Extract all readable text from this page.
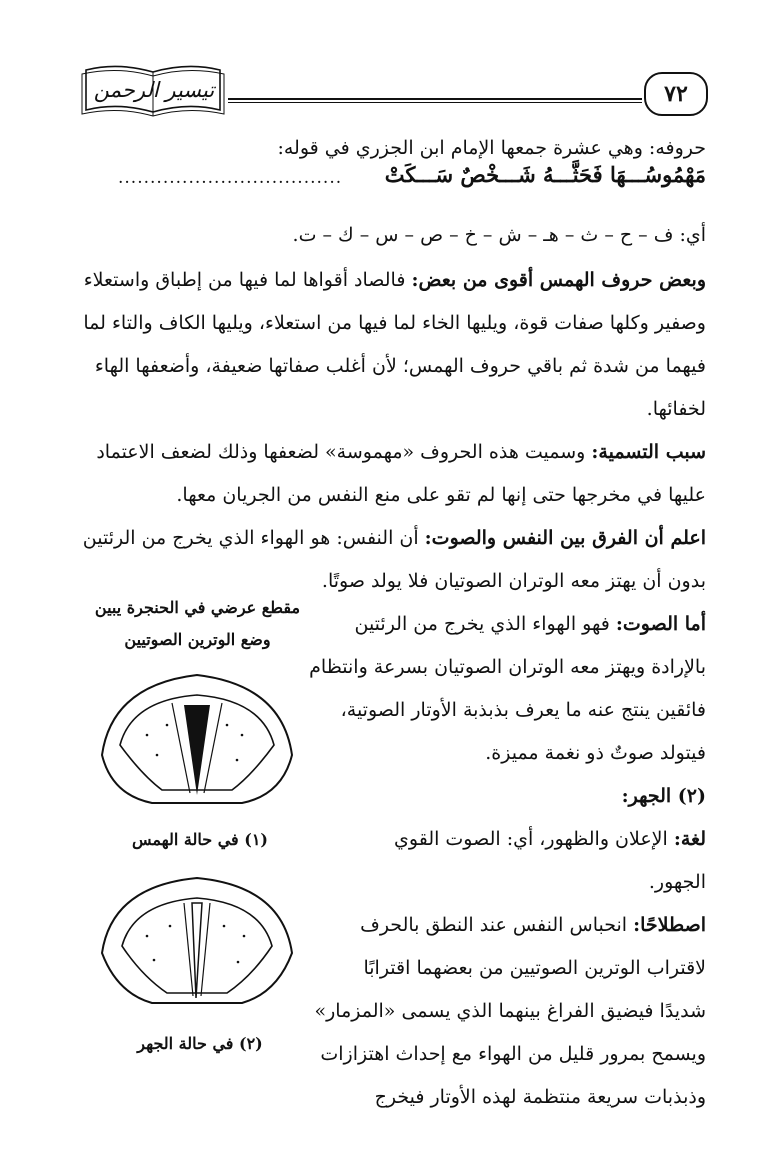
تيسير الرحمن	٧٢
حروفه: وهي عشرة جمعها الإمام ابن الجزري في قوله:
مَهْمُوسُـــهَا فَحَثَّـــهُ شَـــخْصٌ سَـــكَتْ
...................................
أي: ف – ح – ث – هـ – ش – خ – ص – س – ك – ت.
وبعض حروف الهمس أقوى من بعض: فالصاد أقواها لما فيها من إطباق واستعلاء
وصفير وكلها صفات قوة، ويليها الخاء لما فيها من استعلاء، ويليها الكاف والتاء لما
فيهما من شدة ثم باقي حروف الهمس؛ لأن أغلب صفاتها ضعيفة، وأضعفها الهاء
لخفائها.
سبب التسمية: وسميت هذه الحروف «مهموسة» لضعفها وذلك لضعف الاعتماد
عليها في مخرجها حتى إنها لم تقو على منع النفس من الجريان معها.
اعلم أن الفرق بين النفس والصوت: أن النفس: هو الهواء الذي يخرج من الرئتين
بدون أن يهتز معه الوتران الصوتيان فلا يولد صوتًا.
أما الصوت: فهو الهواء الذي يخرج من الرئتين
بالإرادة ويهتز معه الوتران الصوتيان بسرعة وانتظام
فائقين ينتج عنه ما يعرف بذبذبة الأوتار الصوتية،
فيتولد صوتٌ ذو نغمة مميزة.
(٢) الجهر:
لغة: الإعلان والظهور، أي: الصوت القوي
الجهور.
اصطلاحًا: انحباس النفس عند النطق بالحرف
لاقتراب الوترين الصوتيين من بعضهما اقترابًا
شديدًا فيضيق الفراغ بينهما الذي يسمى «المزمار»
ويسمح بمرور قليل من الهواء مع إحداث اهتزازات
وذبذبات سريعة منتظمة لهذه الأوتار فيخرج
مقطع عرضي في الحنجرة يبين
وضع الوترين الصوتيين
(١) في حالة الهمس
(٢) في حالة الجهر
